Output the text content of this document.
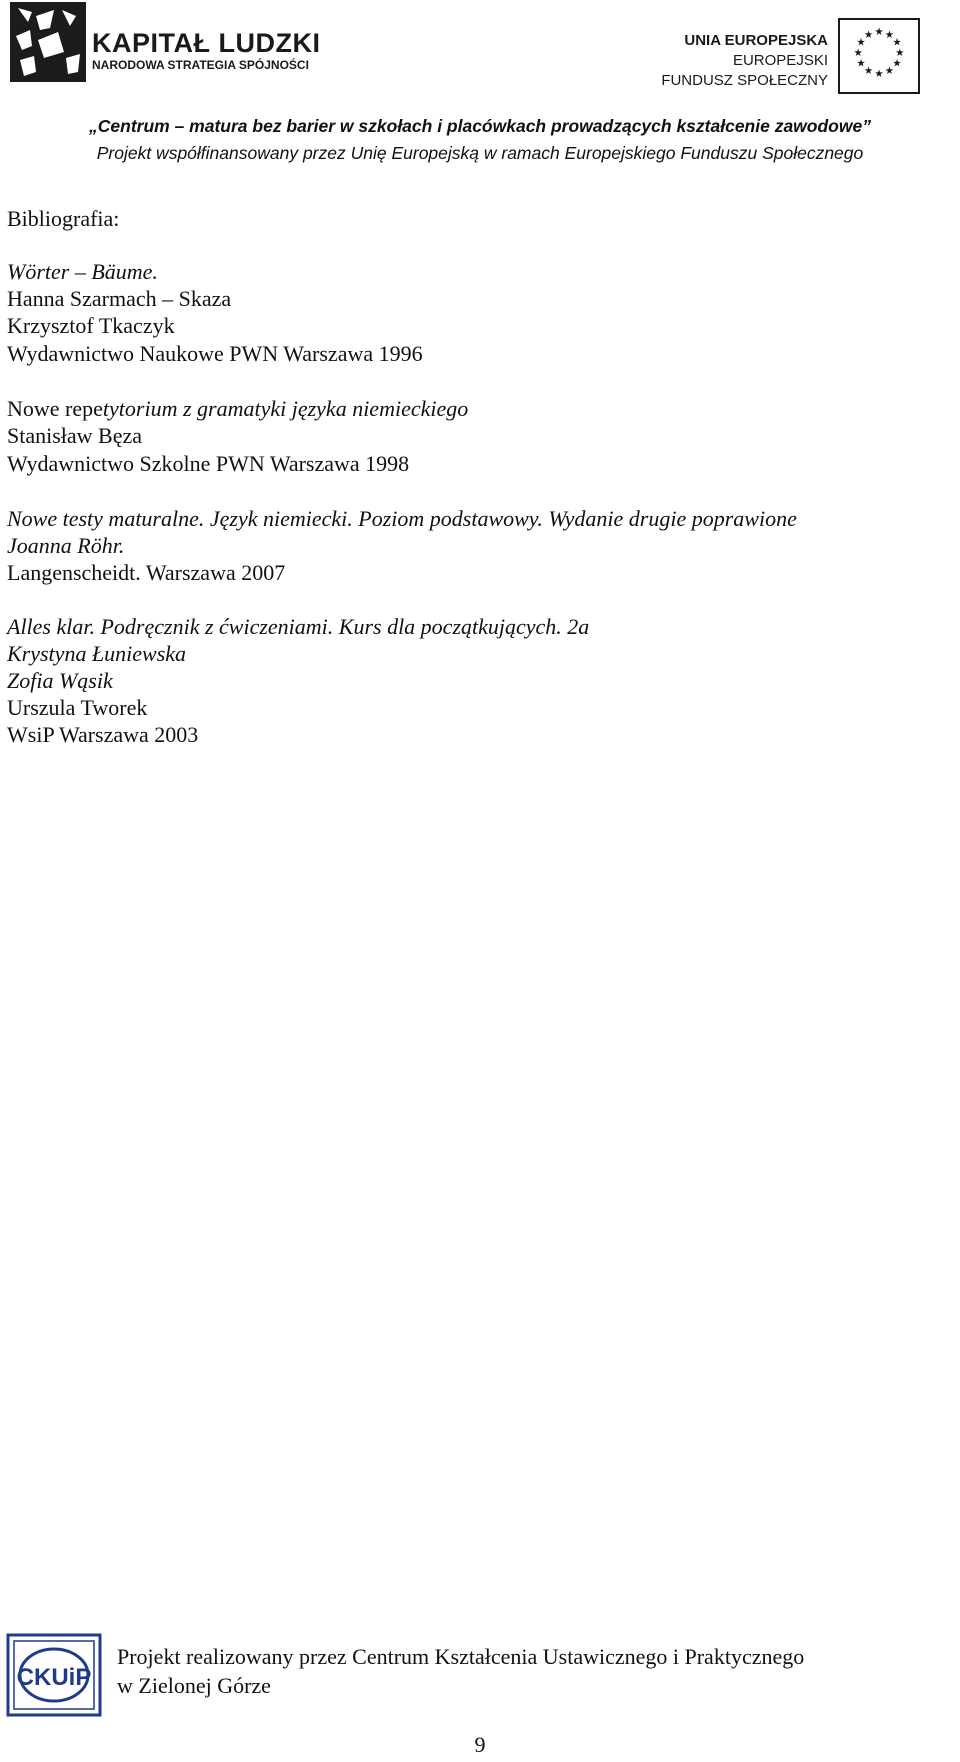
KAPITAŁ LUDZKI
NARODOWA STRATEGIA SPÓJNOŚCI
UNIA EUROPEJSKA
EUROPEJSKI
FUNDUSZ SPOŁECZNY
★ ★
★
★
★
★
★
★
★
★
★
★
„Centrum – matura bez barier w szkołach i placówkach prowadzących kształcenie zawodowe”
Projekt współfinansowany przez Unię Europejską w ramach Europejskiego Funduszu Społecznego
Bibliografia:
Wörter – Bäume.
Hanna Szarmach – Skaza
Krzysztof Tkaczyk
Wydawnictwo Naukowe PWN Warszawa 1996
Nowe repetytorium z gramatyki języka niemieckiego
Stanisław Bęza
Wydawnictwo Szkolne PWN Warszawa 1998
Nowe testy maturalne. Język niemiecki. Poziom podstawowy. Wydanie drugie poprawione
Joanna Röhr.
Langenscheidt. Warszawa 2007
Alles klar. Podręcznik z ćwiczeniami. Kurs dla początkujących. 2a
Krystyna Łuniewska
Zofia Wąsik
Urszula Tworek
WsiP Warszawa 2003
CKUiP
Projekt realizowany przez Centrum Kształcenia Ustawicznego i Praktycznego
w Zielonej Górze
9
